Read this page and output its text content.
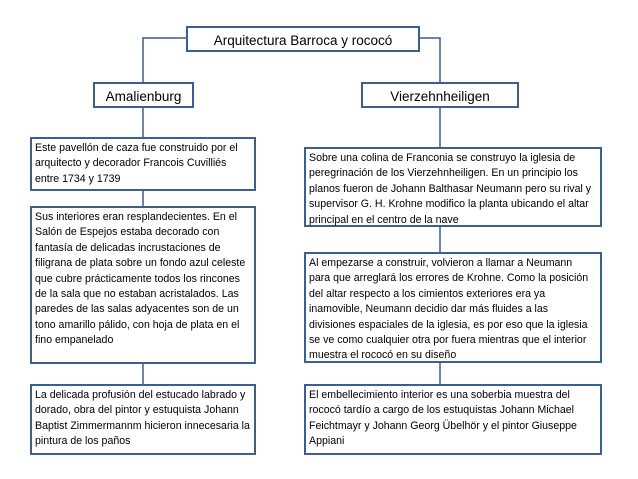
Arquitectura Barroca y rococó
Amalienburg	Vierzehnheiligen
Este pavellón de caza fue construido por el arquitecto y decorador Francois Cuvilliés entre 1734 y 1739
Sus interiores eran resplandecientes. En el Salón de Espejos estaba decorado con fantasía de delicadas incrustaciones de filigrana de plata sobre un fondo azul celeste que cubre prácticamente todos los rincones de la sala que no estaban acristalados. Las paredes de las salas adyacentes son de un tono amarillo pálido, con hoja de plata en el fino empanelado
La delicada profusión del estucado labrado y dorado, obra del pintor y estuquista Johann Baptist Zimmermannm hicieron innecesaria la pintura de los paños
Sobre una colina de Franconia se construyo la iglesia de peregrinación de los Vierzehnheiligen. En un principio los planos fueron de Johann Balthasar Neumann pero su rival y supervisor G. H. Krohne modifico la planta ubicando el altar principal en el centro de la nave
Al empezarse a construir, volvieron a llamar a Neumann para que arreglará los errores de Krohne. Como la posición del altar respecto a los cimientos exteriores era ya inamovible, Neumann decidio dar más fluides a las divisiones espaciales de la iglesia, es por eso que la iglesia se ve como cualquier otra por fuera mientras que el interior muestra el rococó en su diseño
El embellecimiento interior es una soberbia muestra del rococó tardío a cargo de los estuquistas Johann Michael Feichtmayr y Johann Georg Übelhör y el pintor Giuseppe Appiani
